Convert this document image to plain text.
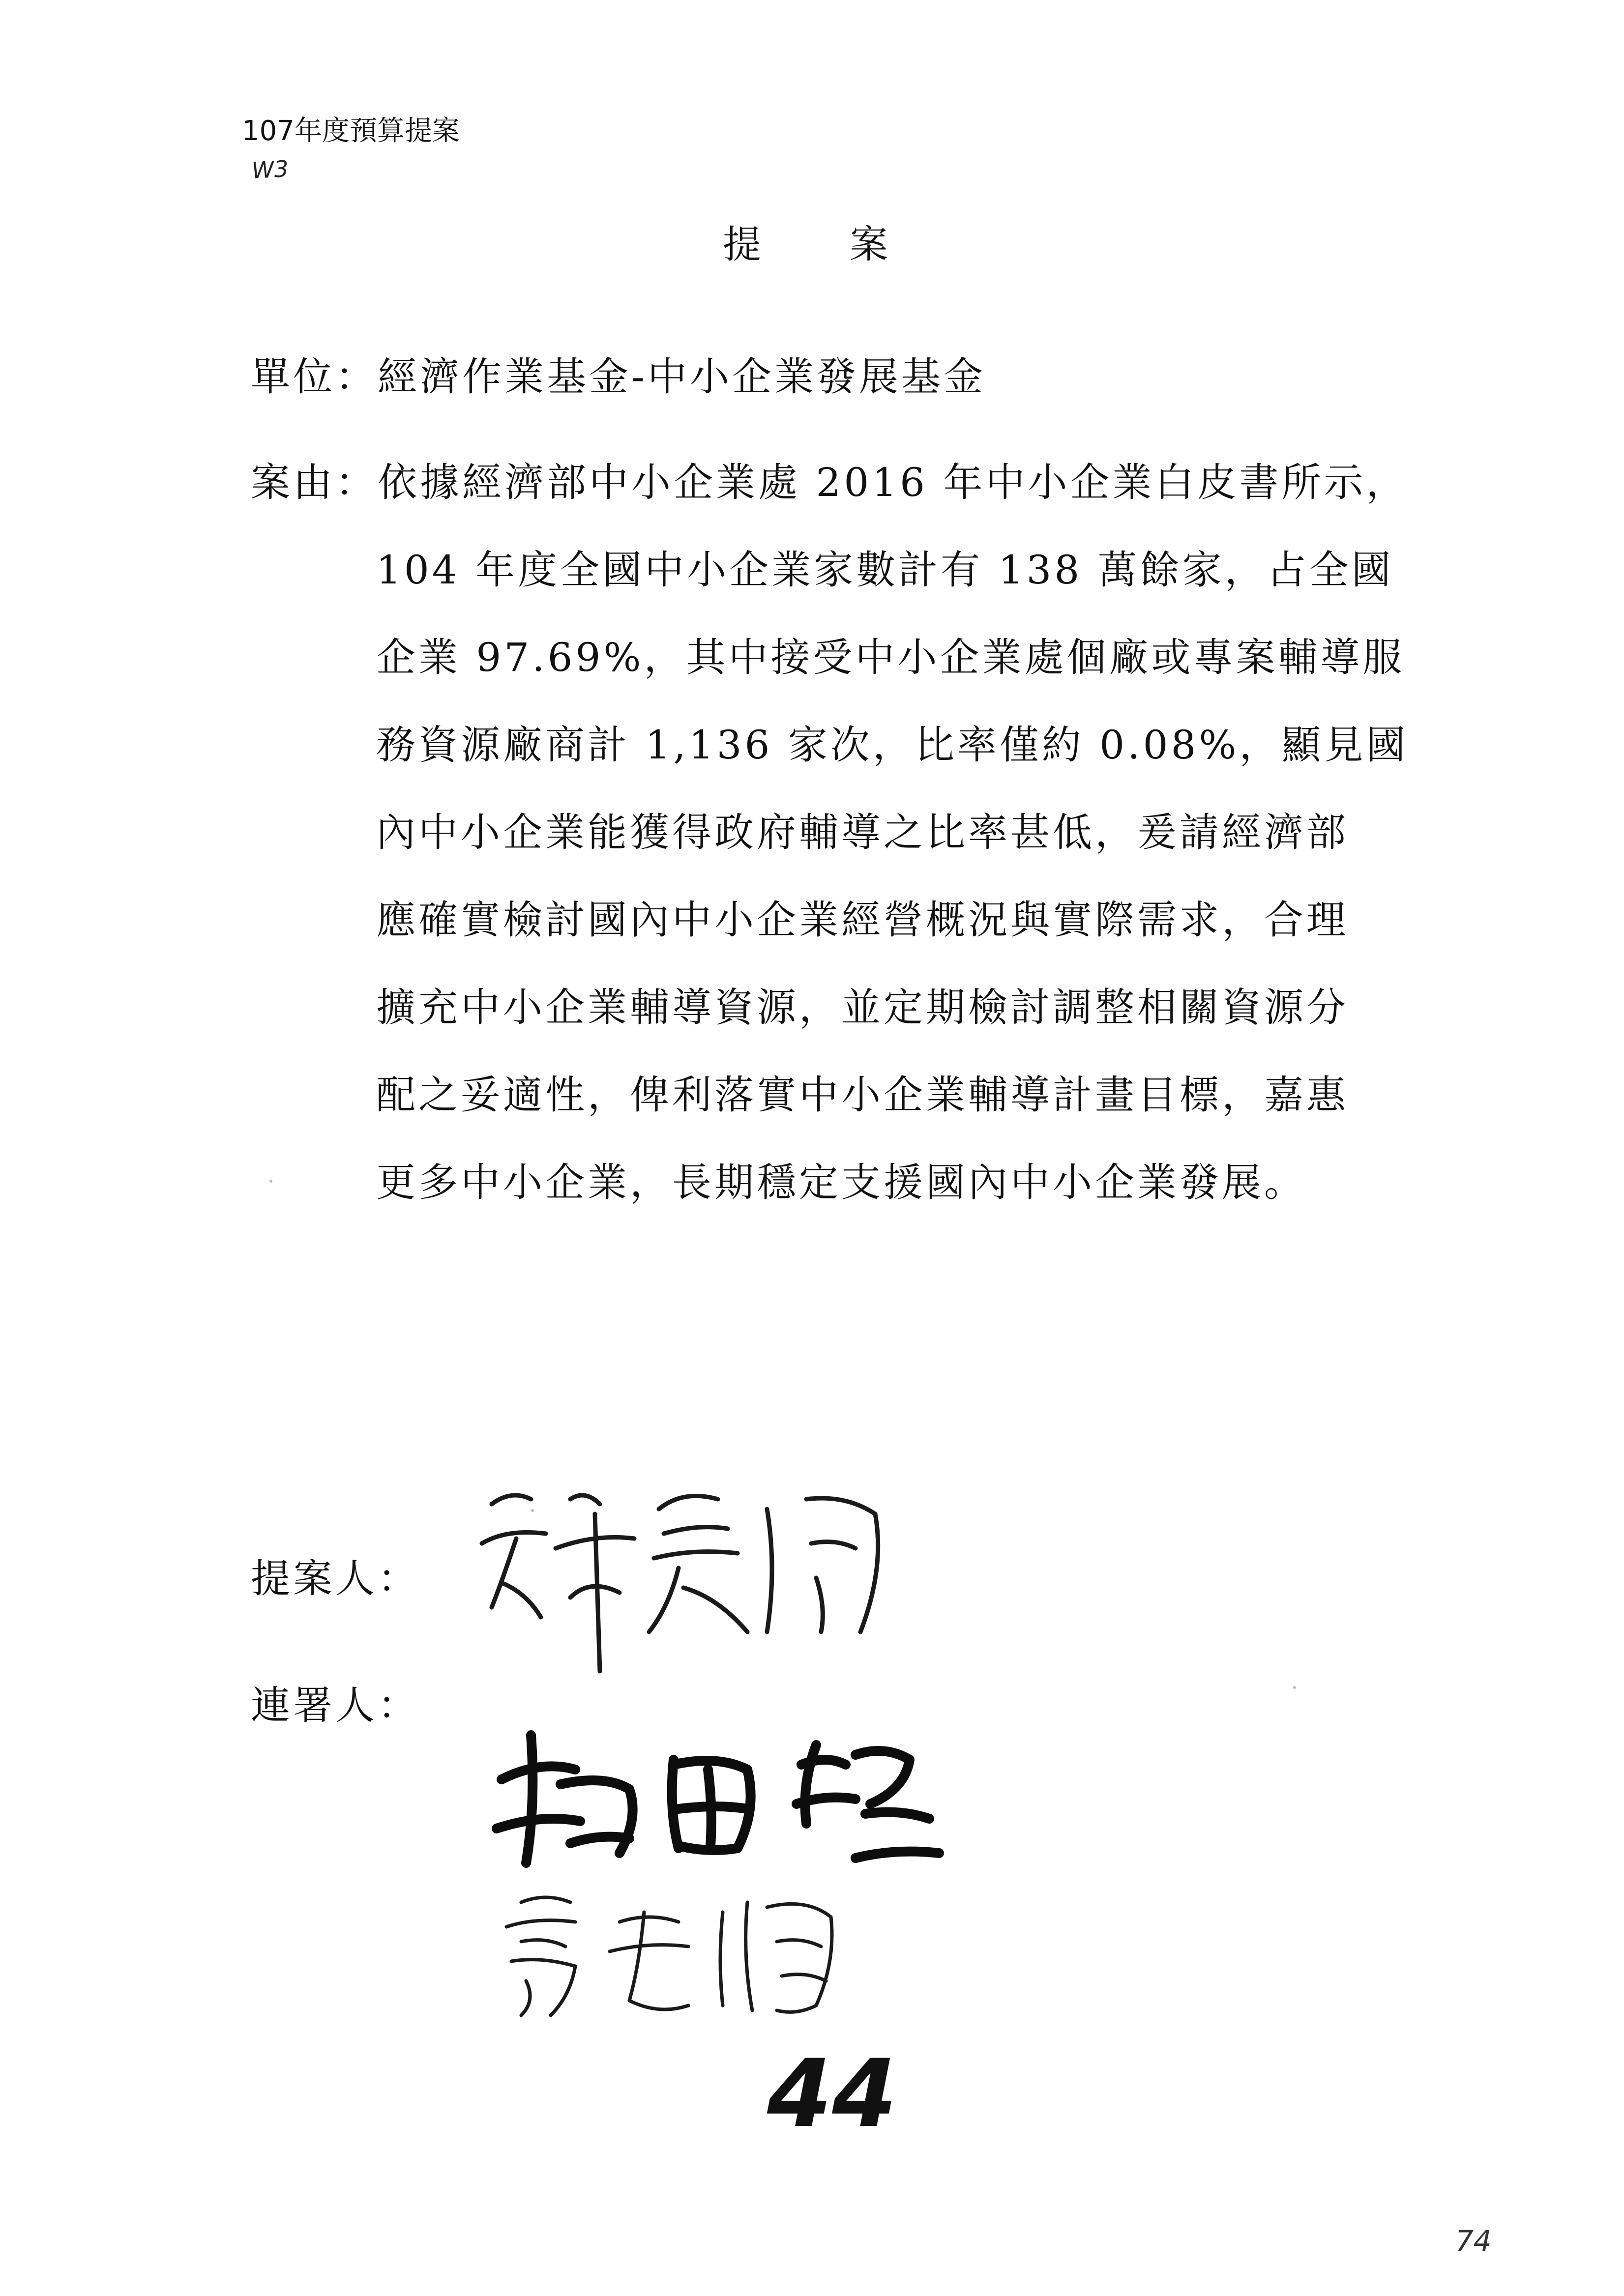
107年度預算提案
W3
提案
單位：經濟作業基金-中小企業發展基金
案由：依據經濟部中小企業處 2016 年中小企業白皮書所示，
104 年度全國中小企業家數計有 138 萬餘家，占全國
企業 97.69%，其中接受中小企業處個廠或專案輔導服
務資源廠商計 1,136 家次，比率僅約 0.08%，顯見國
內中小企業能獲得政府輔導之比率甚低，爰請經濟部
應確實檢討國內中小企業經營概況與實際需求，合理
擴充中小企業輔導資源，並定期檢討調整相關資源分
配之妥適性，俾利落實中小企業輔導計畫目標，嘉惠
更多中小企業，長期穩定支援國內中小企業發展。
提案人：
連署人：
44
74
